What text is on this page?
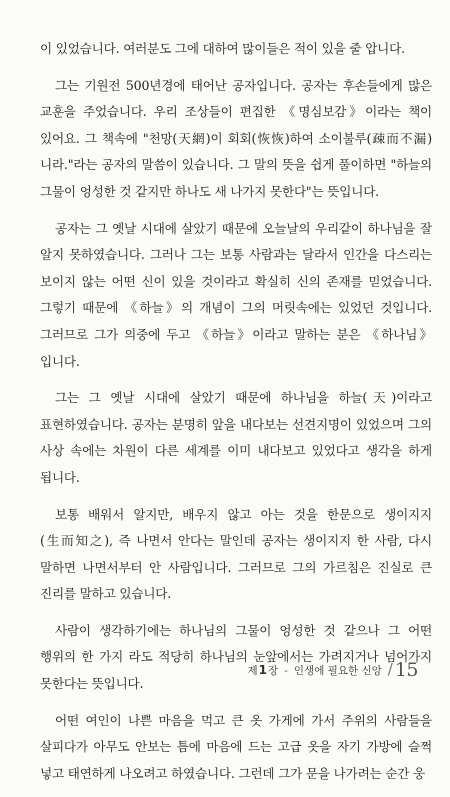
이 있었습니다. 여러분도 그에 대하여 많이들은 적이 있을 줄 압니다.

그는 기원전 500년경에 태어난 공자입니다. 공자는 후손들에게 많은 교훈을 주었습니다. 우리 조상들이 편집한 《명심보감》이라는 책이 있어요. 그 책속에 "천망(天網)이 회회(恢恢)하여 소이불루(疎而不漏)니라."라는 공자의 말씀이 있습니다. 그 말의 뜻을 쉽게 풀이하면 "하늘의 그물이 엉성한 것 같지만 하나도 새 나가지 못한다"는 뜻입니다.

공자는 그 옛날 시대에 살았기 때문에 오늘날의 우리같이 하나님을 잘 알지 못하였습니다. 그러나 그는 보통 사람과는 달라서 인간을 다스리는 보이지 않는 어떤 신이 있을 것이라고 확실히 신의 존재를 믿었습니다. 그렇기 때문에 《하늘》의 개념이 그의 머릿속에는 있었던 것입니다. 그러므로 그가 의중에 두고 《하늘》이라고 말하는 분은 《하나님》입니다.

그는 그 옛날 시대에 살았기 때문에 하나님을 하늘(天)이라고 표현하였습니다. 공자는 분명히 앞을 내다보는 선견지명이 있었으며 그의 사상 속에는 차원이 다른 세계를 이미 내다보고 있었다고 생각을 하게 됩니다.

보통 배워서 알지만, 배우지 않고 아는 것을 한문으로 생이지지(生而知之), 즉 나면서 안다는 말인데 공자는 생이지지 한 사람, 다시 말하면 나면서부터 안 사람입니다. 그러므로 그의 가르침은 진실로 큰 진리를 말하고 있습니다.

사람이 생각하기에는 하나님의 그물이 엉성한 것 같으나 그 어떤 행위의 한 가지 라도 적당히 하나님의 눈앞에서는 가려지거나 넘어가지 못한다는 뜻입니다.

어떤 여인이 나쁜 마음을 먹고 큰 옷 가게에 가서 주위의 사람들을 살피다가 아무도 안보는 틈에 마음에 드는 고급 옷을 자기 가방에 슬쩍 넣고 태연하게 나오려고 하였습니다. 그런데 그가 문을 나가려는 순간 웅

제1장 - 인생에 필요한 신앙 / 15
